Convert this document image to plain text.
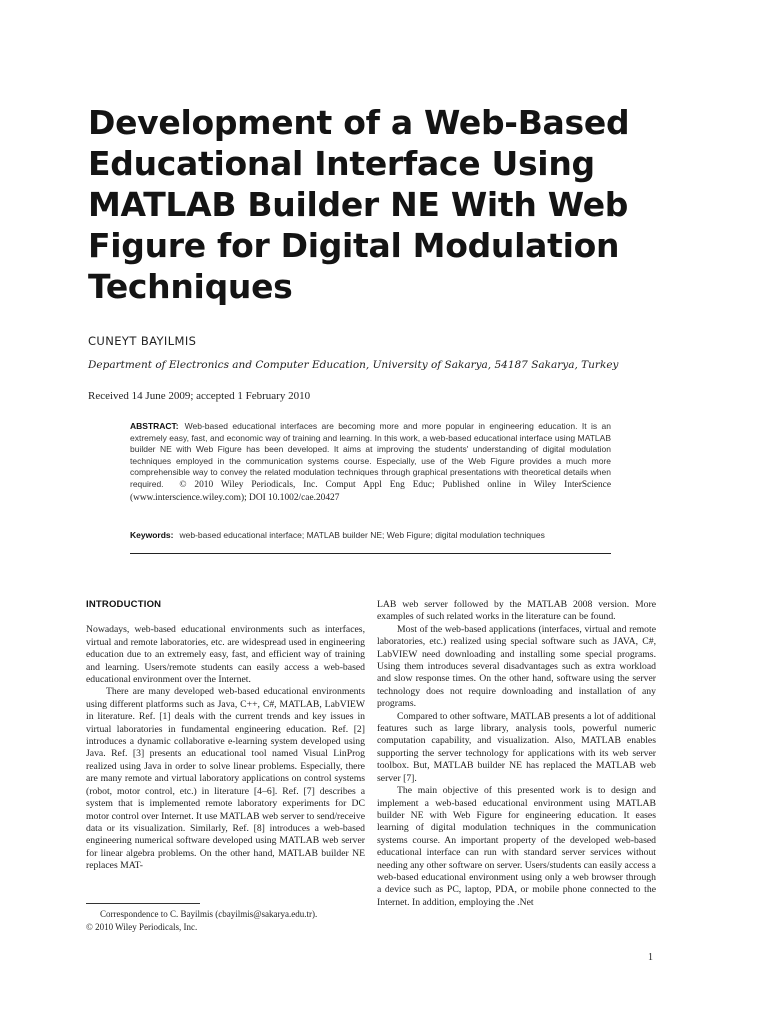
Development of a Web-Based
Educational Interface Using
MATLAB Builder NE With Web
Figure for Digital Modulation
Techniques
CUNEYT BAYILMIS
Department of Electronics and Computer Education, University of Sakarya, 54187 Sakarya, Turkey
Received 14 June 2009; accepted 1 February 2010
ABSTRACT: Web-based educational interfaces are becoming more and more popular in engineering education. It is an extremely easy, fast, and economic way of training and learning. In this work, a web-based educational interface using MATLAB builder NE with Web Figure has been developed. It aims at improving the students' understanding of digital modulation techniques employed in the communication systems course. Especially, use of the Web Figure provides a much more comprehensible way to convey the related modulation techniques through graphical presentations with theoretical details when required. © 2010 Wiley Periodicals, Inc. Comput Appl Eng Educ; Published online in Wiley InterScience (www.interscience.wiley.com); DOI 10.1002/cae.20427
Keywords: web-based educational interface; MATLAB builder NE; Web Figure; digital modulation techniques
INTRODUCTION

Nowadays, web-based educational environments such as interfaces, virtual and remote laboratories, etc. are widespread used in engineering education due to an extremely easy, fast, and efficient way of training and learning. Users/remote students can easily access a web-based educational environment over the Internet.

There are many developed web-based educational environments using different platforms such as Java, C++, C#, MATLAB, LabVIEW in literature. Ref. [1] deals with the current trends and key issues in virtual laboratories in fundamental engineering education. Ref. [2] introduces a dynamic collaborative e-learning system developed using Java. Ref. [3] presents an educational tool named Visual LinProg realized using Java in order to solve linear problems. Especially, there are many remote and virtual laboratory applications on control systems (robot, motor control, etc.) in literature [4–6]. Ref. [7] describes a system that is implemented remote laboratory experiments for DC motor control over Internet. It use MATLAB web server to send/receive data or its visualization. Similarly, Ref. [8] introduces a web-based engineering numerical software developed using MATLAB web server for linear algebra problems. On the other hand, MATLAB builder NE replaces MAT-

LAB web server followed by the MATLAB 2008 version. More examples of such related works in the literature can be found.

Most of the web-based applications (interfaces, virtual and remote laboratories, etc.) realized using special software such as JAVA, C#, LabVIEW need downloading and installing some special programs. Using them introduces several disadvantages such as extra workload and slow response times. On the other hand, software using the server technology does not require downloading and installation of any programs.

Compared to other software, MATLAB presents a lot of additional features such as large library, analysis tools, powerful numeric computation capability, and visualization. Also, MATLAB enables supporting the server technology for applications with its web server toolbox. But, MATLAB builder NE has replaced the MATLAB web server [7].

The main objective of this presented work is to design and implement a web-based educational environment using MATLAB builder NE with Web Figure for engineering education. It eases learning of digital modulation techniques in the communication systems course. An important property of the developed web-based educational interface can run with standard server services without needing any other software on server. Users/students can easily access a web-based educational environment using only a web browser through a device such as PC, laptop, PDA, or mobile phone connected to the Internet. In addition, employing the .Net

Correspondence to C. Bayilmis (cbayilmis@sakarya.edu.tr).
© 2010 Wiley Periodicals, Inc.
1
